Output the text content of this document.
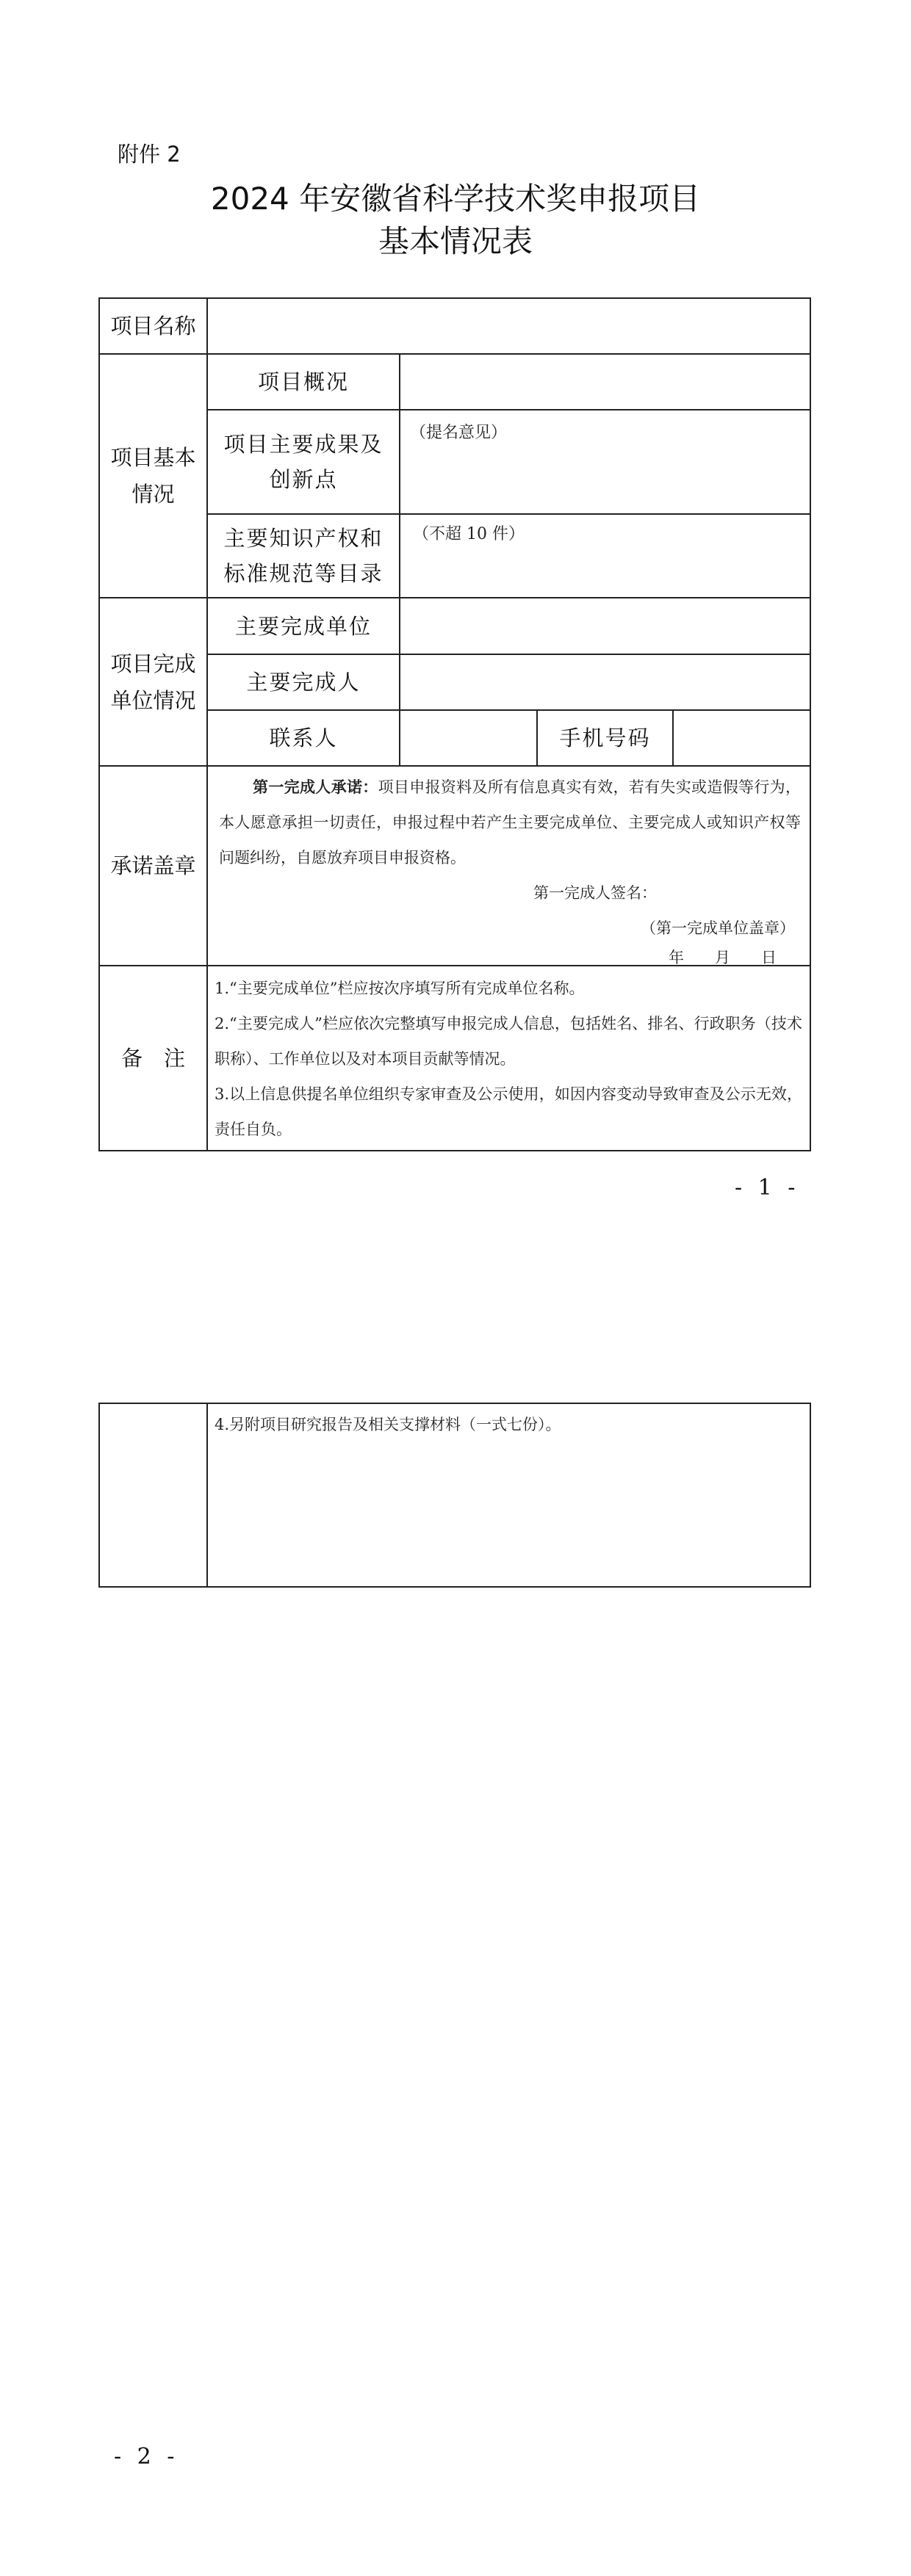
附件 2
2024 年安徽省科学技术奖申报项目
基本情况表
项目名称
项目基本情况
项目概况
项目主要成果及创新点
（提名意见）
主要知识产权和标准规范等目录
（不超 10 件）
项目完成单位情况
主要完成单位
主要完成人
联系人	手机号码
承诺盖章
第一完成人承诺：项目申报资料及所有信息真实有效，若有失实或造假等行为，本人愿意承担一切责任，申报过程中若产生主要完成单位、主要完成人或知识产权等问题纠纷，自愿放弃项目申报资格。
第一完成人签名：
（第一完成单位盖章）
年　　月　　日
备　注
1.“主要完成单位”栏应按次序填写所有完成单位名称。
2.“主要完成人”栏应依次完整填写申报完成人信息，包括姓名、排名、行政职务（技术职称）、工作单位以及对本项目贡献等情况。
3.以上信息供提名单位组织专家审查及公示使用，如因内容变动导致审查及公示无效，责任自负。
- 1 -
4.另附项目研究报告及相关支撑材料（一式七份）。
- 2 -
